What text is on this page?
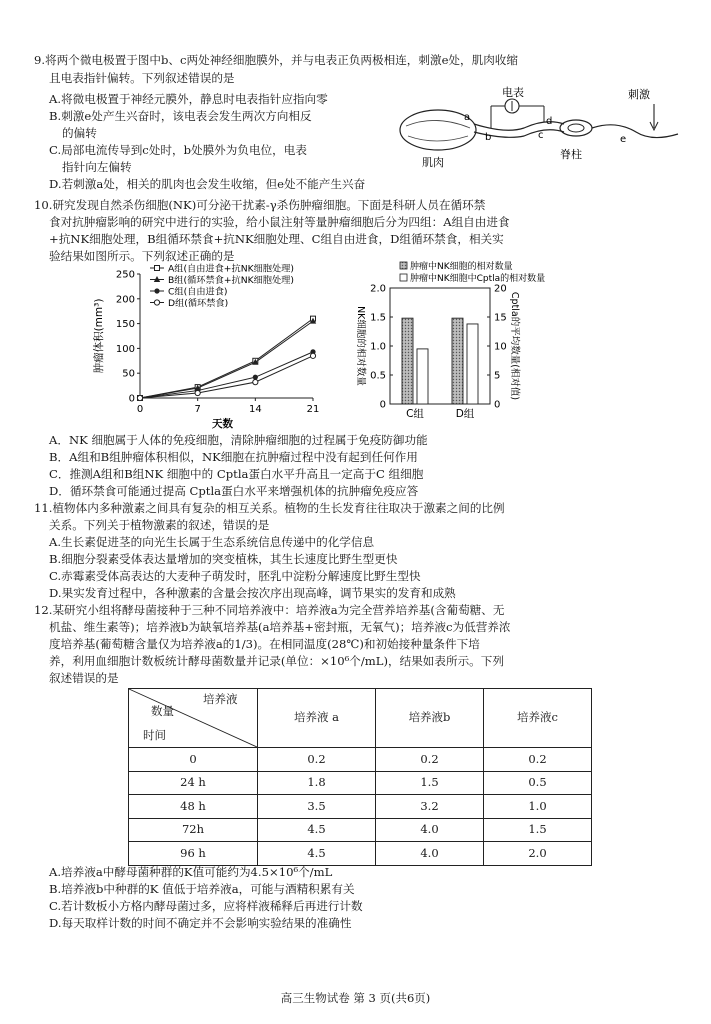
9.将两个微电极置于图中b、c两处神经细胞膜外，并与电表正负两极相连，刺激e处，肌肉收缩
且电表指针偏转。下列叙述错误的是
A.将微电极置于神经元膜外，静息时电表指针应指向零
B.刺激e处产生兴奋时，该电表会发生两次方向相反
的偏转
C.局部电流传导到c处时，b处膜外为负电位，电表
指针向左偏转
D.若刺激a处，相关的肌肉也会发生收缩，但e处不能产生兴奋
电表	刺激
肌肉
脊柱
a
b	c
d
e
10.研究发现自然杀伤细胞(NK)可分泌干扰素-γ杀伤肿瘤细胞。下面是科研人员在循环禁
食对抗肿瘤影响的研究中进行的实验，给小鼠注射等量肿瘤细胞后分为四组：A组自由进食
+抗NK细胞处理，B组循环禁食+抗NK细胞处理、C组自由进食，D组循环禁食，相关实
验结果如图所示。下列叙述正确的是
0
50
100
150
200
250
0	7	14	21
天数
肿瘤体积(mm³)
A组(自由进食+抗NK细胞处理)
B组(循环禁食+抗NK细胞处理)
C组(自由进食)
D组(循环禁食)
肿瘤中NK细胞的相对数量
肿瘤中NK细胞中Cptla的相对数量
0
0.5
1.0
1.5
2.0
0
5
10
15
20
C组	D组
NK细胞的相对数量	Cptla的平均数量(相对值)
A．NK 细胞属于人体的免疫细胞，清除肿瘤细胞的过程属于免疫防御功能
B．A组和B组肿瘤体积相似，NK细胞在抗肿瘤过程中没有起到任何作用
C．推测A组和B组NK 细胞中的 Cptla蛋白水平升高且一定高于C 组细胞
D．循环禁食可能通过提高 Cptla蛋白水平来增强机体的抗肿瘤免疫应答
11.植物体内多种激素之间具有复杂的相互关系。植物的生长发育往往取决于激素之间的比例
关系。下列关于植物激素的叙述，错误的是
A.生长素促进茎的向光生长属于生态系统信息传递中的化学信息
B.细胞分裂素受体表达量增加的突变植株，其生长速度比野生型更快
C.赤霉素受体高表达的大麦种子萌发时，胚乳中淀粉分解速度比野生型快
D.果实发育过程中，各种激素的含量会按次序出现高峰，调节果实的发育和成熟
12.某研究小组将酵母菌接种于三种不同培养液中：培养液a为完全营养培养基(含葡萄糖、无
机盐、维生素等)；培养液b为缺氧培养基(a培养基+密封瓶，无氧气)；培养液c为低营养浓
度培养基(葡萄糖含量仅为培养液a的1/3)。在相同温度(28℃)和初始接种量条件下培
养，利用血细胞计数板统计酵母菌数量并记录(单位：×10⁶个/mL)，结果如表所示。下列
叙述错误的是
培养液
数量
时间	培养液 a	培养液b	培养液c
0	0.2	0.2	0.2
24 h	1.8	1.5	0.5
48 h	3.5	3.2	1.0
72h	4.5	4.0	1.5
96 h	4.5	4.0	2.0
A.培养液a中酵母菌种群的K值可能约为4.5×10⁶个/mL
B.培养液b中种群的K 值低于培养液a，可能与酒精积累有关
C.若计数板小方格内酵母菌过多，应将样液稀释后再进行计数
D.每天取样计数的时间不确定并不会影响实验结果的准确性
高三生物试卷 第 3 页(共6页)
